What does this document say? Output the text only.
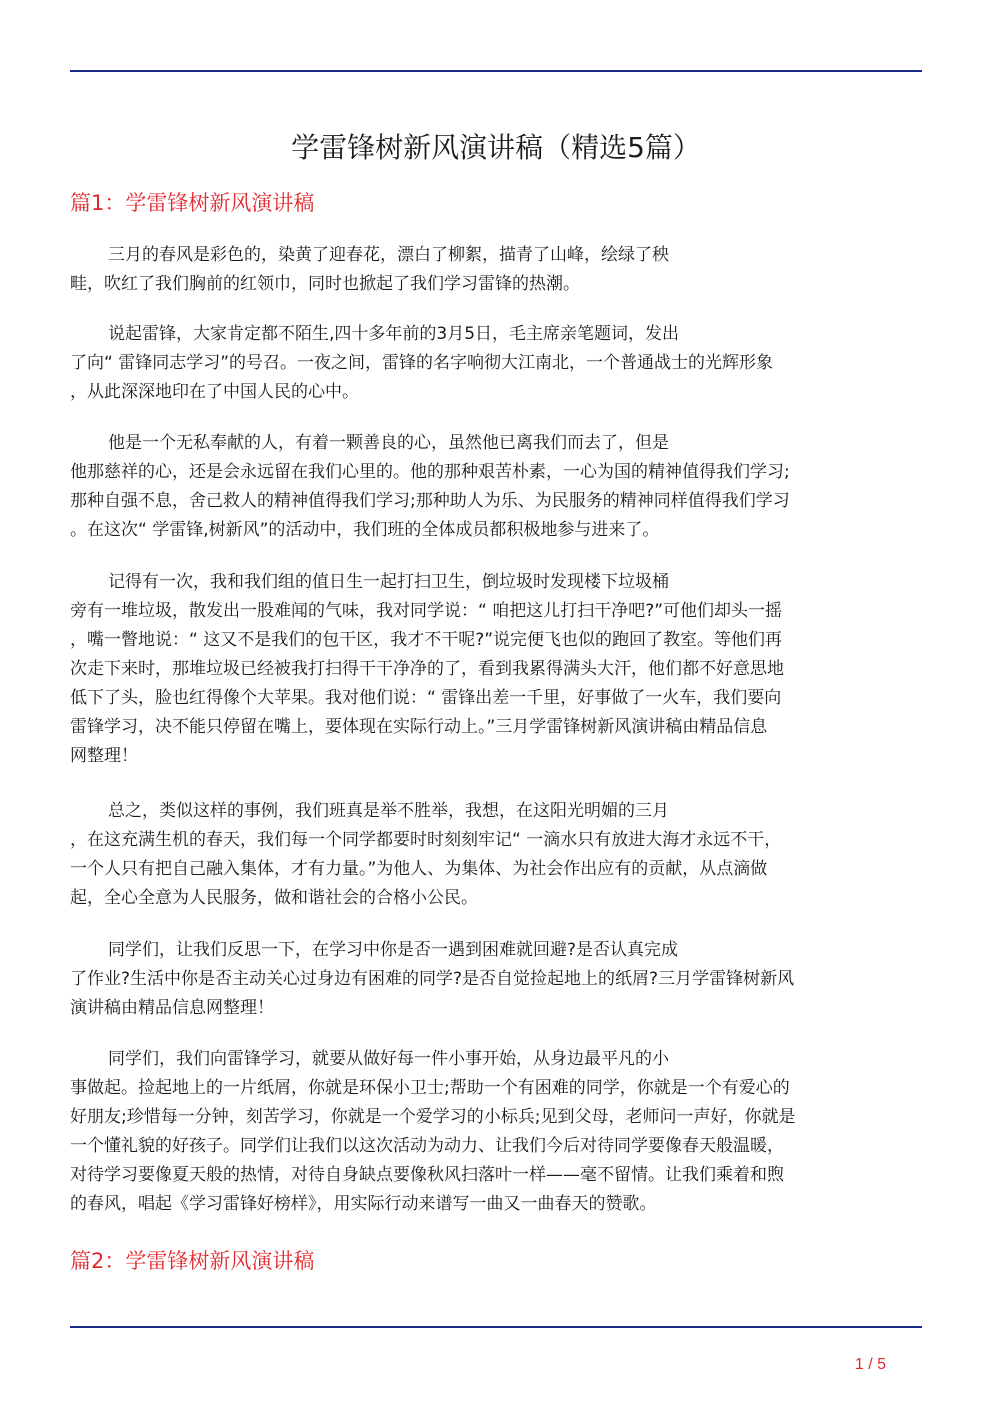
学雷锋树新风演讲稿（精选5篇）
篇1：学雷锋树新风演讲稿

三月的春风是彩色的，染黄了迎春花，漂白了柳絮，描青了山峰，绘绿了秧
畦，吹红了我们胸前的红领巾，同时也掀起了我们学习雷锋的热潮。

说起雷锋，大家肯定都不陌生,四十多年前的3月5日，毛主席亲笔题词，发出
了向“ 雷锋同志学习”的号召。一夜之间，雷锋的名字响彻大江南北，一个普通战士的光辉形象
，从此深深地印在了中国人民的心中。

他是一个无私奉献的人，有着一颗善良的心，虽然他已离我们而去了，但是
他那慈祥的心，还是会永远留在我们心里的。他的那种艰苦朴素，一心为国的精神值得我们学习;
那种自强不息，舍己救人的精神值得我们学习;那种助人为乐、为民服务的精神同样值得我们学习
。在这次“ 学雷锋,树新风”的活动中，我们班的全体成员都积极地参与进来了。

记得有一次，我和我们组的值日生一起打扫卫生，倒垃圾时发现楼下垃圾桶
旁有一堆垃圾，散发出一股难闻的气味，我对同学说：“ 咱把这儿打扫干净吧?”可他们却头一摇
，嘴一瞥地说：“ 这又不是我们的包干区，我才不干呢?”说完便飞也似的跑回了教室。等他们再
次走下来时，那堆垃圾已经被我打扫得干干净净的了，看到我累得满头大汗，他们都不好意思地
低下了头，脸也红得像个大苹果。我对他们说：“ 雷锋出差一千里，好事做了一火车，我们要向
雷锋学习，决不能只停留在嘴上，要体现在实际行动上。”三月学雷锋树新风演讲稿由精品信息
网整理！

总之，类似这样的事例，我们班真是举不胜举，我想，在这阳光明媚的三月
，在这充满生机的春天，我们每一个同学都要时时刻刻牢记“ 一滴水只有放进大海才永远不干，
一个人只有把自己融入集体，才有力量。”为他人、为集体、为社会作出应有的贡献，从点滴做
起，全心全意为人民服务，做和谐社会的合格小公民。

同学们，让我们反思一下，在学习中你是否一遇到困难就回避?是否认真完成
了作业?生活中你是否主动关心过身边有困难的同学?是否自觉捡起地上的纸屑?三月学雷锋树新风
演讲稿由精品信息网整理！

同学们，我们向雷锋学习，就要从做好每一件小事开始，从身边最平凡的小
事做起。捡起地上的一片纸屑，你就是环保小卫士;帮助一个有困难的同学，你就是一个有爱心的
好朋友;珍惜每一分钟，刻苦学习，你就是一个爱学习的小标兵;见到父母，老师问一声好，你就是
一个懂礼貌的好孩子。同学们让我们以这次活动为动力、让我们今后对待同学要像春天般温暖，
对待学习要像夏天般的热情，对待自身缺点要像秋风扫落叶一样——毫不留情。让我们乘着和煦
的春风，唱起《学习雷锋好榜样》，用实际行动来谱写一曲又一曲春天的赞歌。

篇2：学雷锋树新风演讲稿
1 / 5
